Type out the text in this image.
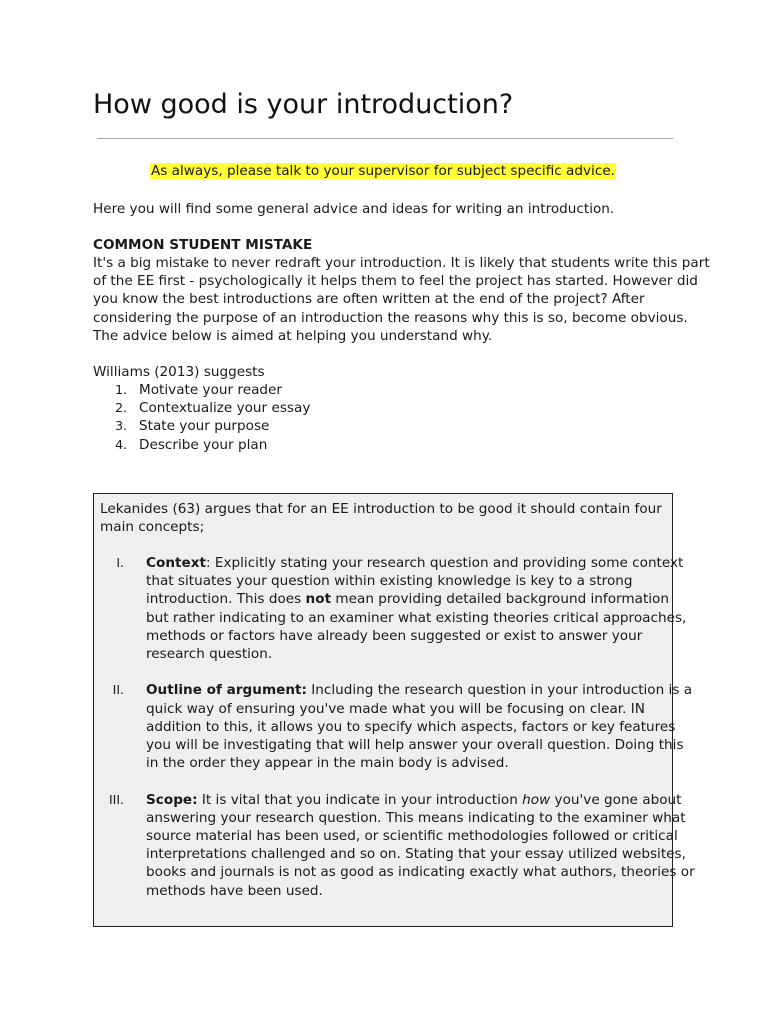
How good is your introduction?

As always, please talk to your supervisor for subject specific advice.

Here you will find some general advice and ideas for writing an introduction.

COMMON STUDENT MISTAKE

It's a big mistake to never redraft your introduction. It is likely that students write this part
of the EE first - psychologically it helps them to feel the project has started. However did
you know the best introductions are often written at the end of the project? After
considering the purpose of an introduction the reasons why this is so, become obvious.
The advice below is aimed at helping you understand why.

Williams (2013) suggests

1. Motivate your reader
2. Contextualize your essay
3. State your purpose
4. Describe your plan

Lekanides (63) argues that for an EE introduction to be good it should contain four
main concepts;

I. Context: Explicitly stating your research question and providing some context
that situates your question within existing knowledge is key to a strong
introduction. This does not mean providing detailed background information
but rather indicating to an examiner what existing theories critical approaches,
methods or factors have already been suggested or exist to answer your
research question.
II. Outline of argument: Including the research question in your introduction is a
quick way of ensuring you've made what you will be focusing on clear. IN
addition to this, it allows you to specify which aspects, factors or key features
you will be investigating that will help answer your overall question. Doing this
in the order they appear in the main body is advised.
III. Scope: It is vital that you indicate in your introduction how you've gone about
answering your research question. This means indicating to the examiner what
source material has been used, or scientific methodologies followed or critical
interpretations challenged and so on. Stating that your essay utilized websites,
books and journals is not as good as indicating exactly what authors, theories or
methods have been used.
